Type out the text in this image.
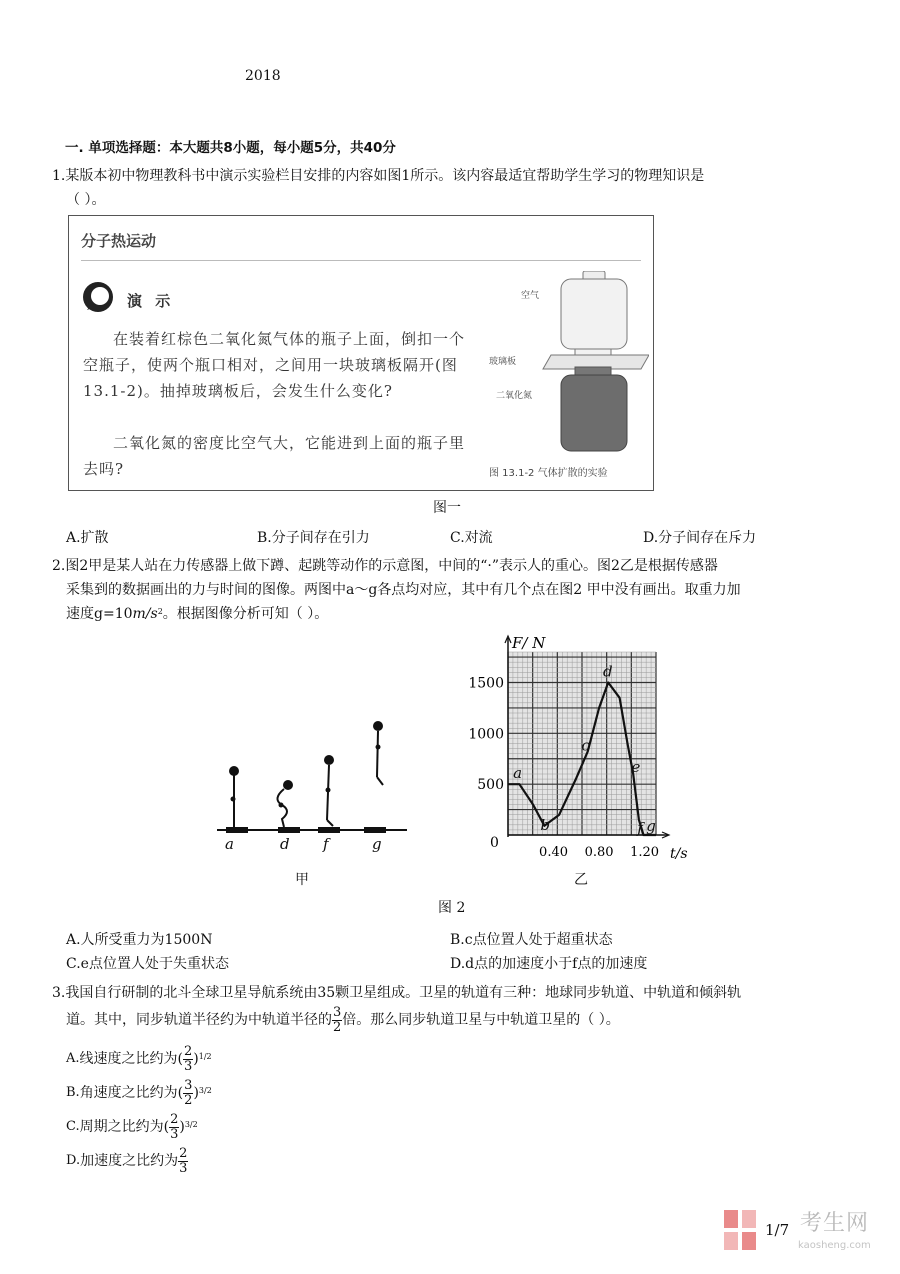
2018
一. 单项选择题：本大题共8小题，每小题5分，共40分
1.某版本初中物理教科书中演示实验栏目安排的内容如图1所示。该内容最适宜帮助学生学习的物理知识是
（ ）。
分子热运动
演 示
在装着红棕色二氧化氮气体的瓶子上面，倒扣一个空瓶子，使两个瓶口相对，之间用一块玻璃板隔开(图 13.1-2)。抽掉玻璃板后，会发生什么变化?
二氧化氮的密度比空气大，它能进到上面的瓶子里去吗?
空气
玻璃板
二氧化氮
图 13.1-2 气体扩散的实验
图一
A.扩散	B.分子间存在引力	C.对流	D.分子间存在斥力
2.图2甲是某人站在力传感器上做下蹲、起跳等动作的示意图，中间的“·”表示人的重心。图2乙是根据传感器
采集到的数据画出的力与时间的图像。两图中a～g各点均对应，其中有几个点在图2 甲中没有画出。取重力加
速度$g=10m/s^2$。根据图像分析可知（ ）。
a	d f	g
甲
500
1000
1500
0.40 0.80 1.20
0
F/ N
t/s
a
b
c
d
e
f g
乙
图 2
A.人所受重力为1500N	B.c点位置人处于超重状态
C.e点位置人处于失重状态	D.d点的加速度小于f点的加速度
3.我国自行研制的北斗全球卫星导航系统由35颗卫星组成。卫星的轨道有三种：地球同步轨道、中轨道和倾斜轨
道。其中，同步轨道半径约为中轨道半径的 $\frac{3}{2}$ 倍。那么同步轨道卫星与中轨道卫星的（ ）。
A.线速度之比约为( $\frac{2}{3} )^{1/2}$
B.角速度之比约为( $\frac{3}{2} )^{3/2}$
C.周期之比约为( $\frac{2}{3} )^{3/2}$
D.加速度之比约为 $\frac{2}{3}$
1/7 考生网
kaosheng.com
